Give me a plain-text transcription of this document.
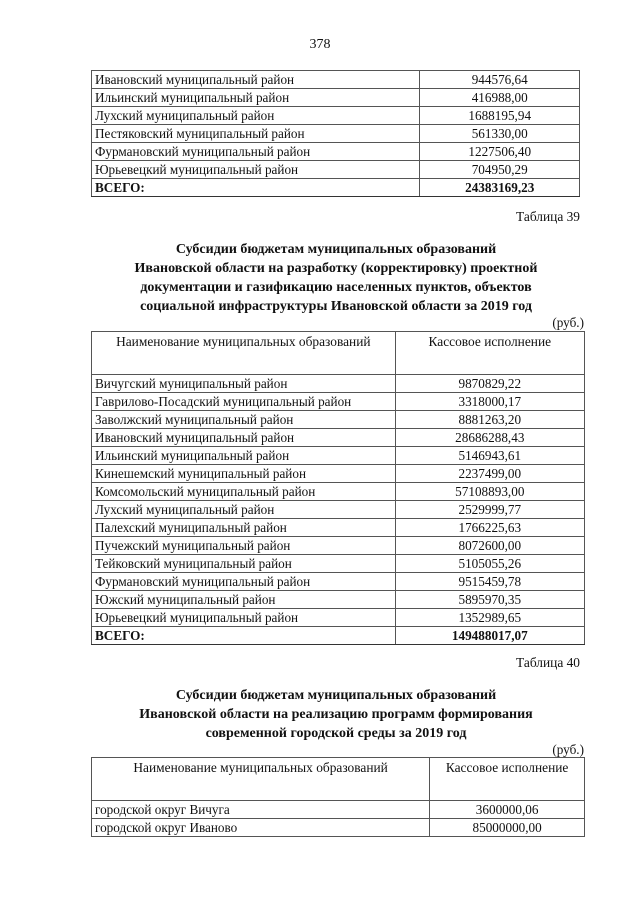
378
Ивановский муниципальный район	944576,64
Ильинский муниципальный район	416988,00
Лухский муниципальный район	1688195,94
Пестяковский муниципальный район	561330,00
Фурмановский муниципальный район	1227506,40
Юрьевецкий муниципальный район	704950,29
ВСЕГО:	24383169,23
Таблица 39
Субсидии бюджетам муниципальных образований
Ивановской области на разработку (корректировку) проектной
документации и газификацию населенных пунктов, объектов
социальной инфраструктуры Ивановской области за 2019 год
(руб.)
Наименование муниципальных образований	Кассовое исполнение
Вичугский муниципальный район	9870829,22
Гаврилово-Посадский муниципальный район	3318000,17
Заволжский муниципальный район	8881263,20
Ивановский муниципальный район	28686288,43
Ильинский муниципальный район	5146943,61
Кинешемский муниципальный район	2237499,00
Комсомольский муниципальный район	57108893,00
Лухский муниципальный район	2529999,77
Палехский муниципальный район	1766225,63
Пучежский муниципальный район	8072600,00
Тейковский муниципальный район	5105055,26
Фурмановский муниципальный район	9515459,78
Южский муниципальный район	5895970,35
Юрьевецкий муниципальный район	1352989,65
ВСЕГО:	149488017,07
Таблица 40
Субсидии бюджетам муниципальных образований
Ивановской области на реализацию программ формирования
современной городской среды за 2019 год
(руб.)
Наименование муниципальных образований	Кассовое исполнение
городской округ Вичуга	3600000,06
городской округ Иваново	85000000,00
